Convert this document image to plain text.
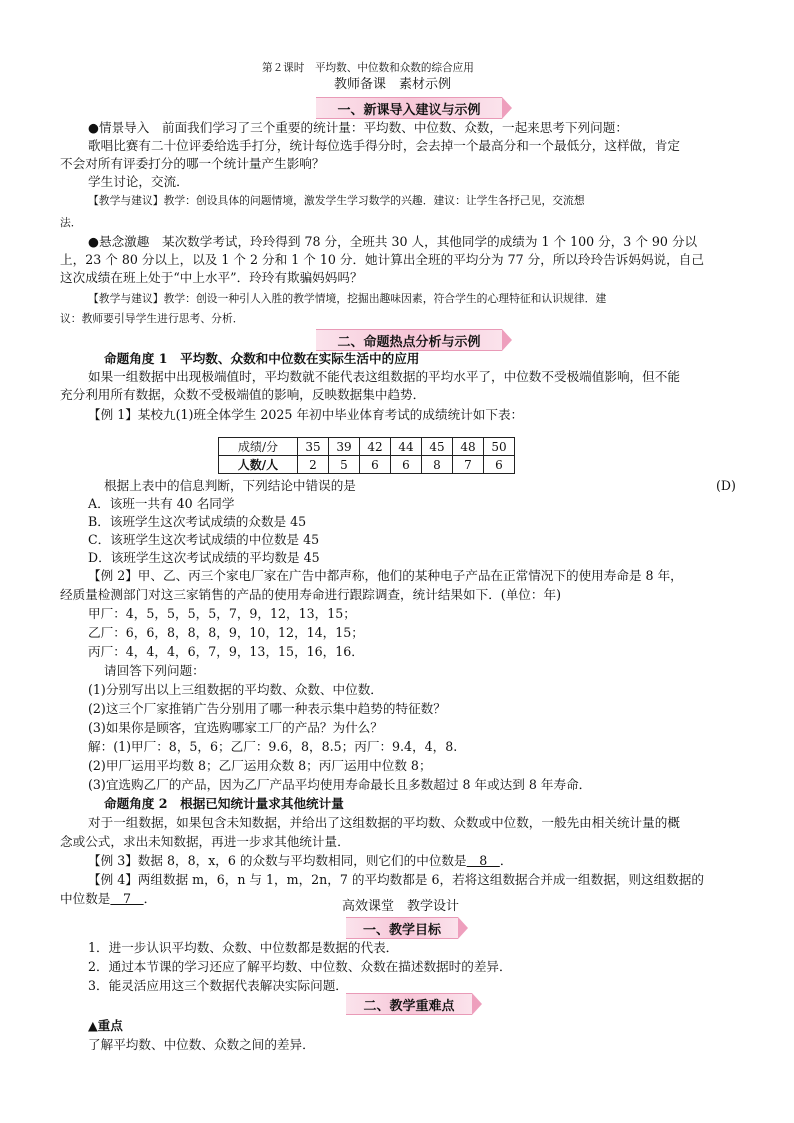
第２课时　平均数、中位数和众数的综合应用
教师备课　素材示例
一、新课导入建议与示例
●情景导入　前面我们学习了三个重要的统计量：平均数、中位数、众数，一起来思考下列问题：
歌唱比赛有二十位评委给选手打分，统计每位选手得分时，会去掉一个最高分和一个最低分，这样做，肯定
不会对所有评委打分的哪一个统计量产生影响？
学生讨论，交流．
【教学与建议】教学：创设具体的问题情境，激发学生学习数学的兴趣．建议：让学生各抒己见，交流想
法．
●悬念激趣　某次数学考试，玲玲得到 78 分，全班共 30 人，其他同学的成绩为 1 个 100 分，3 个 90 分以
上，23 个 80 分以上，以及 1 个 2 分和 1 个 10 分．她计算出全班的平均分为 77 分，所以玲玲告诉妈妈说，自己
这次成绩在班上处于“中上水平”．玲玲有欺骗妈妈吗？
【教学与建议】教学：创设一种引人入胜的教学情境，挖掘出趣味因素，符合学生的心理特征和认识规律．建
议：教师要引导学生进行思考、分析．
二、命题热点分析与示例
命题角度 1　平均数、众数和中位数在实际生活中的应用
如果一组数据中出现极端值时，平均数就不能代表这组数据的平均水平了，中位数不受极端值影响，但不能
充分利用所有数据，众数不受极端值的影响，反映数据集中趋势．
【例 1】某校九(1)班全体学生 2025 年初中毕业体育考试的成绩统计如下表：
成绩/分	35	39	42	44	45	48	50
人数/人	2	5	6	6	8	7	6
根据上表中的信息判断，下列结论中错误的是	(D)
A．该班一共有 40 名同学
B．该班学生这次考试成绩的众数是 45
C．该班学生这次考试成绩的中位数是 45
D．该班学生这次考试成绩的平均数是 45
【例 2】甲、乙、丙三个家电厂家在广告中都声称，他们的某种电子产品在正常情况下的使用寿命是 8 年，
经质量检测部门对这三家销售的产品的使用寿命进行跟踪调查，统计结果如下．(单位：年)
甲厂：4，5，5，5，5，7，9，12，13，15；
乙厂：6，6，8，8，8，9，10，12，14，15；
丙厂：4，4，4，6，7，9，13，15，16，16．
请回答下列问题：
(1)分别写出以上三组数据的平均数、众数、中位数．
(2)这三个厂家推销广告分别用了哪一种表示集中趋势的特征数？
(3)如果你是顾客，宜选购哪家工厂的产品？为什么？
解：(1)甲厂：8，5，6；乙厂：9.6，8，8.5；丙厂：9.4，4，8.
(2)甲厂运用平均数 8；乙厂运用众数 8；丙厂运用中位数 8；
(3)宜选购乙厂的产品，因为乙厂产品平均使用寿命最长且多数超过 8 年或达到 8 年寿命．
命题角度 2　根据已知统计量求其他统计量
对于一组数据，如果包含未知数据，并给出了这组数据的平均数、众数或中位数，一般先由相关统计量的概
念或公式，求出未知数据，再进一步求其他统计量．
【例 3】数据 8，8，x，6 的众数与平均数相同，则它们的中位数是　8　．
【例 4】两组数据 m，6，n 与 1，m，2n，7 的平均数都是 6，若将这组数据合并成一组数据，则这组数据的
中位数是　7　．
高效课堂　教学设计
一、教学目标
1．进一步认识平均数、众数、中位数都是数据的代表．
2．通过本节课的学习还应了解平均数、中位数、众数在描述数据时的差异．
3．能灵活应用这三个数据代表解决实际问题．
二、教学重难点
▲重点
了解平均数、中位数、众数之间的差异．
